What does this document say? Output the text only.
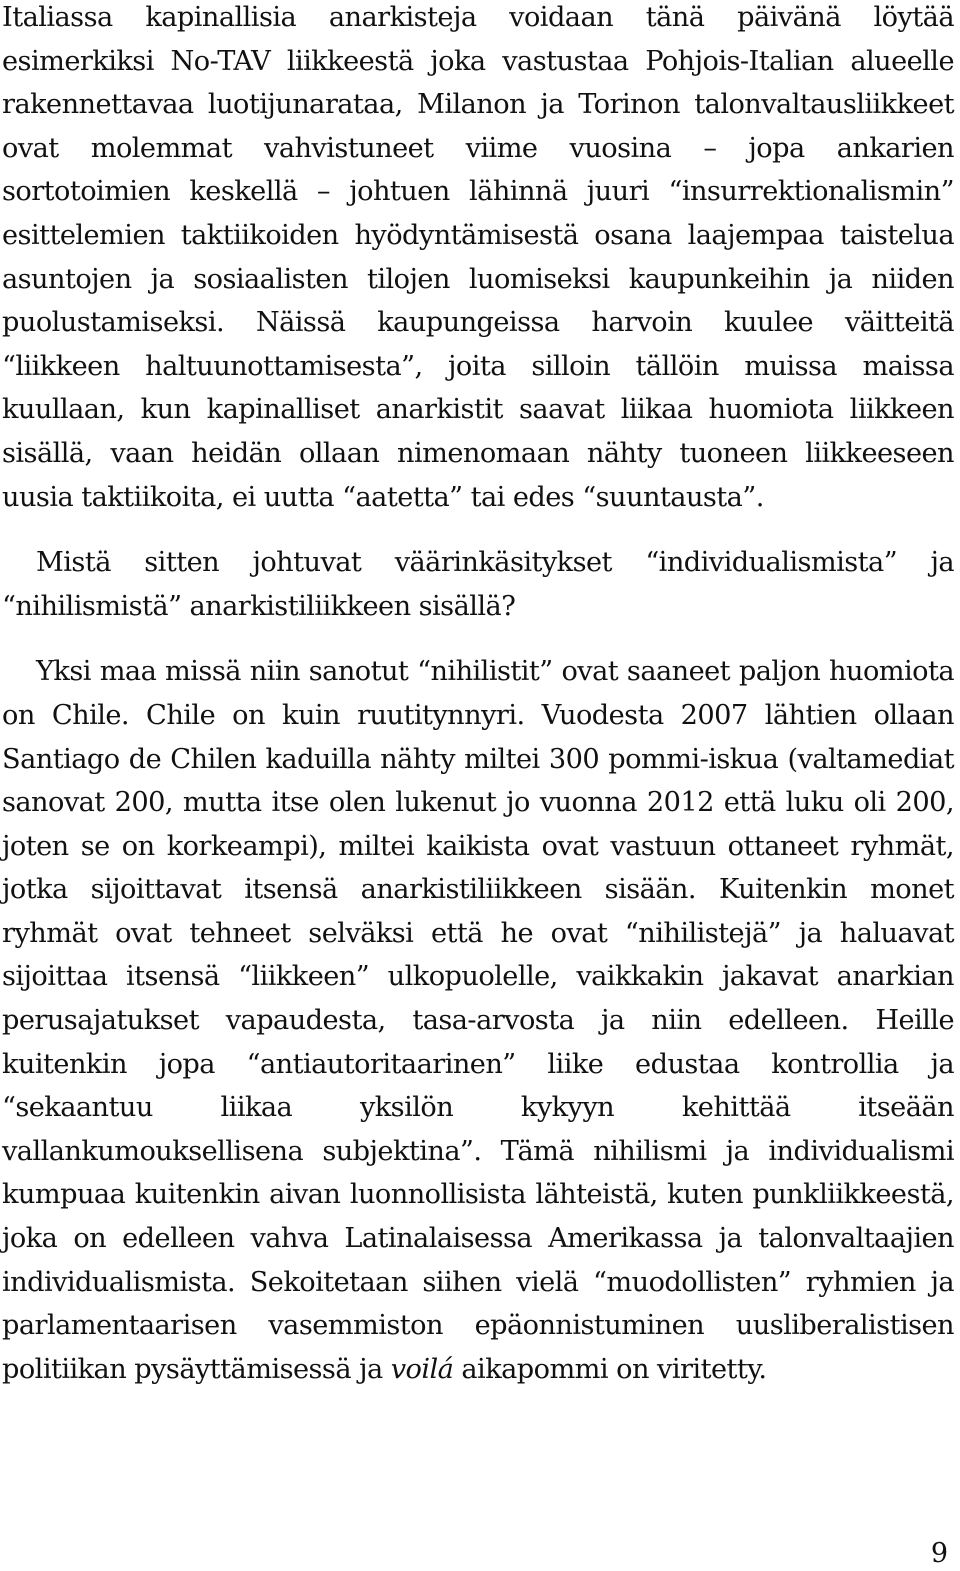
Italiassa kapinallisia anarkisteja voidaan tänä päivänä löytää esimerkiksi No-TAV liikkeestä joka vastustaa Pohjois-Italian alueelle rakennettavaa luotijunarataa, Milanon ja Torinon talonvaltausliikkeet ovat molemmat vahvistuneet viime vuosina – jopa ankarien sortotoimien keskellä – johtuen lähinnä juuri “insurrektionalismin” esittelemien taktiikoiden hyödyntämisestä osana laajempaa taistelua asuntojen ja sosiaalisten tilojen luomiseksi kaupunkeihin ja niiden puolustamiseksi. Näissä kaupungeissa harvoin kuulee väitteitä “liikkeen haltuunottamisesta”, joita silloin tällöin muissa maissa kuullaan, kun kapinalliset anarkistit saavat liikaa huomiota liikkeen sisällä, vaan heidän ollaan nimenomaan nähty tuoneen liikkeeseen uusia taktiikoita, ei uutta “aatetta” tai edes “suuntausta”.

Mistä sitten johtuvat väärinkäsitykset “individualismista” ja “nihilismistä” anarkistiliikkeen sisällä?

Yksi maa missä niin sanotut “nihilistit” ovat saaneet paljon huomiota on Chile. Chile on kuin ruutitynnyri. Vuodesta 2007 lähtien ollaan Santiago de Chilen kaduilla nähty miltei 300 pommi-iskua (valtamediat sanovat 200, mutta itse olen lukenut jo vuonna 2012 että luku oli 200, joten se on korkeampi), miltei kaikista ovat vastuun ottaneet ryhmät, jotka sijoittavat itsensä anarkistiliikkeen sisään. Kuitenkin monet ryhmät ovat tehneet selväksi että he ovat “nihilistejä” ja haluavat sijoittaa itsensä “liikkeen” ulkopuolelle, vaikkakin jakavat anarkian perusajatukset vapaudesta, tasa-arvosta ja niin edelleen. Heille kuitenkin jopa “antiautoritaarinen” liike edustaa kontrollia ja “sekaantuu liikaa yksilön kykyyn kehittää itseään vallankumouksellisena subjektina”. Tämä nihilismi ja individualismi kumpuaa kuitenkin aivan luonnollisista lähteistä, kuten punkliikkeestä, joka on edelleen vahva Latinalaisessa Amerikassa ja talonvaltaajien individualismista. Sekoitetaan siihen vielä “muodollisten” ryhmien ja parlamentaarisen vasemmiston epäonnistuminen uusliberalistisen politiikan pysäyttämisessä ja voilá aikapommi on viritetty.

9
